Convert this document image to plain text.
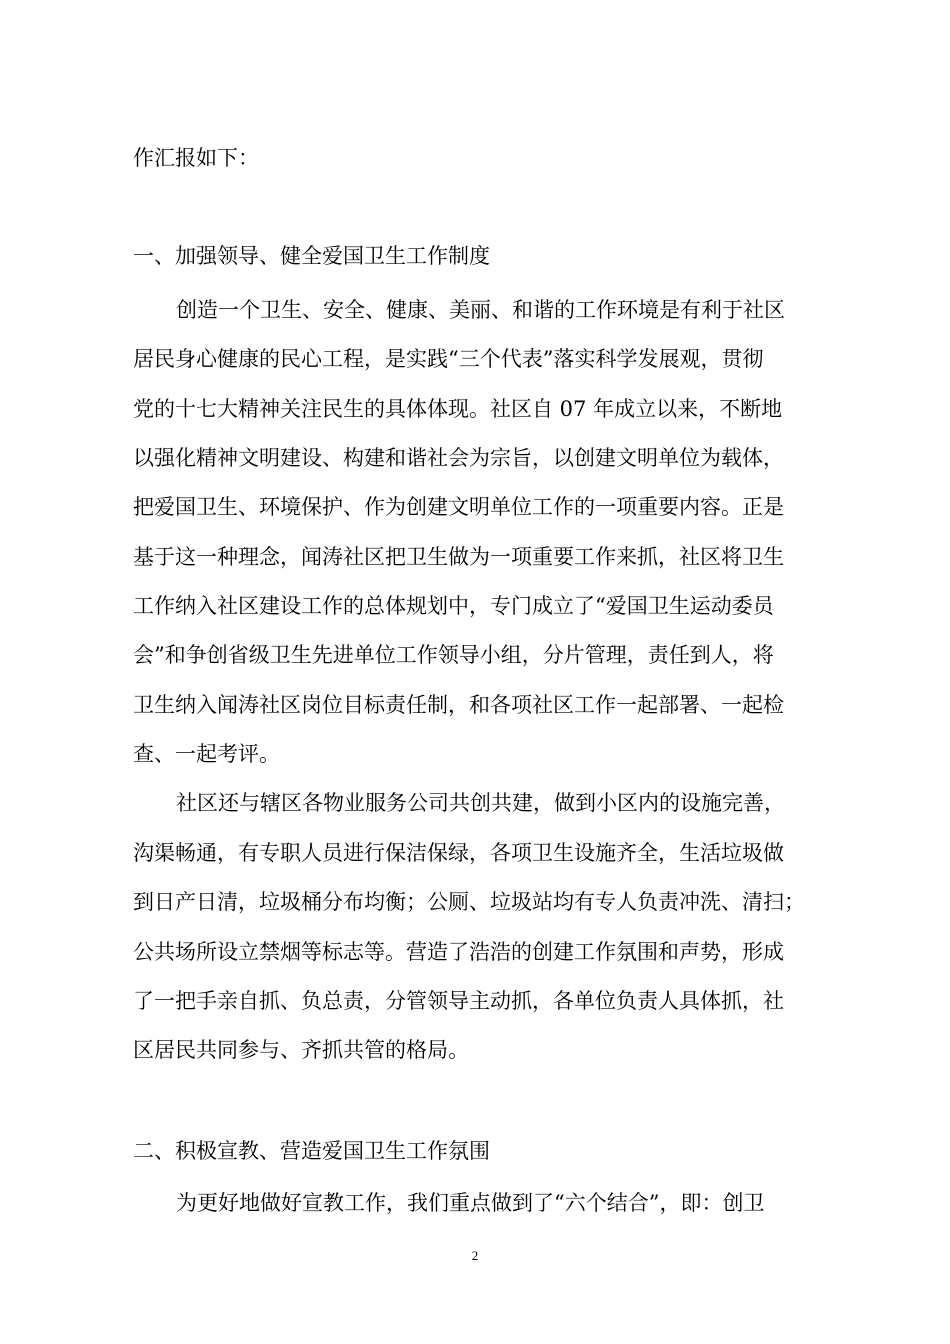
作汇报如下：
一、加强领导、健全爱国卫生工作制度
创造一个卫生、安全、健康、美丽、和谐的工作环境是有利于社区
居民身心健康的民心工程，是实践“三个代表”落实科学发展观，贯彻
党的十七大精神关注民生的具体体现。社区自 07 年成立以来，不断地
以强化精神文明建设、构建和谐社会为宗旨，以创建文明单位为载体，
把爱国卫生、环境保护、作为创建文明单位工作的一项重要内容。正是
基于这一种理念，闻涛社区把卫生做为一项重要工作来抓，社区将卫生
工作纳入社区建设工作的总体规划中，专门成立了“爱国卫生运动委员
会”和争创省级卫生先进单位工作领导小组，分片管理，责任到人，将
卫生纳入闻涛社区岗位目标责任制，和各项社区工作一起部署、一起检
查、一起考评。
社区还与辖区各物业服务公司共创共建，做到小区内的设施完善，
沟渠畅通，有专职人员进行保洁保绿，各项卫生设施齐全，生活垃圾做
到日产日清，垃圾桶分布均衡；公厕、垃圾站均有专人负责冲洗、清扫；
公共场所设立禁烟等标志等。营造了浩浩的创建工作氛围和声势，形成
了一把手亲自抓、负总责，分管领导主动抓，各单位负责人具体抓，社
区居民共同参与、齐抓共管的格局。
二、积极宣教、营造爱国卫生工作氛围
为更好地做好宣教工作，我们重点做到了“六个结合”，即：创卫
2
